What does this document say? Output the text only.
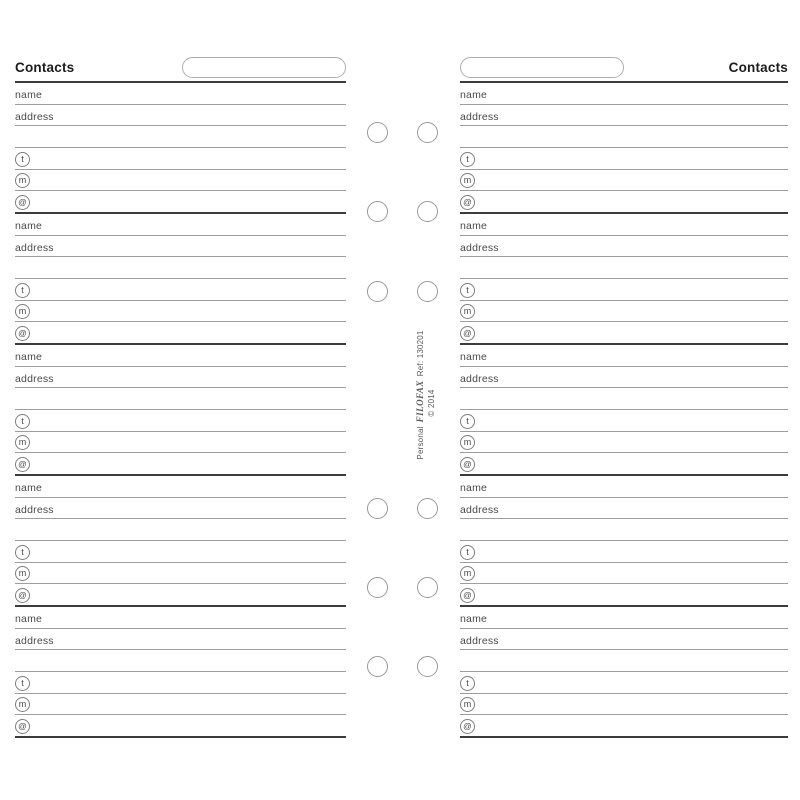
Contacts
name
address
t
m
@
name
address
t
m
@
name
address
t
m
@
name
address
t
m
@
name
address
t
m
@
Contacts
name
address
t
m
@
name
address
t
m
@
name
address
t
m
@
name
address
t
m
@
name
address
t
m
@
Personal
filofax
Ref: 130201
© 2014
